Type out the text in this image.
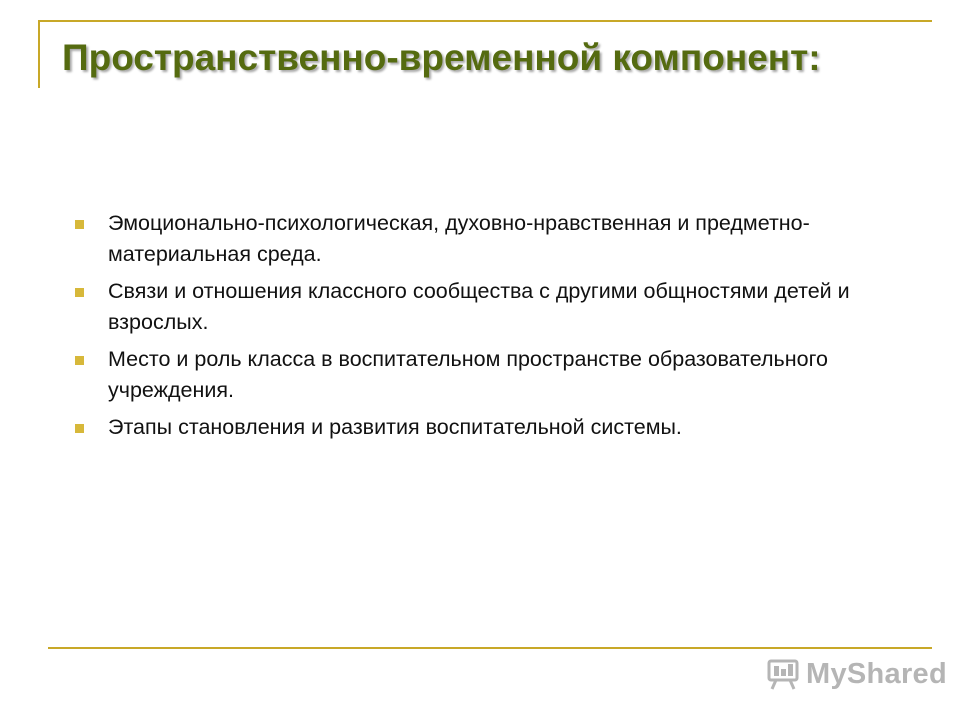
Пространственно-временной компонент:
Эмоционально-психологическая, духовно-нравственная и предметно-материальная среда.
Связи и отношения классного сообщества с другими общностями детей и взрослых.
Место и роль класса в воспитательном пространстве образовательного учреждения.
Этапы становления и развития воспитательной системы.
MyShared
